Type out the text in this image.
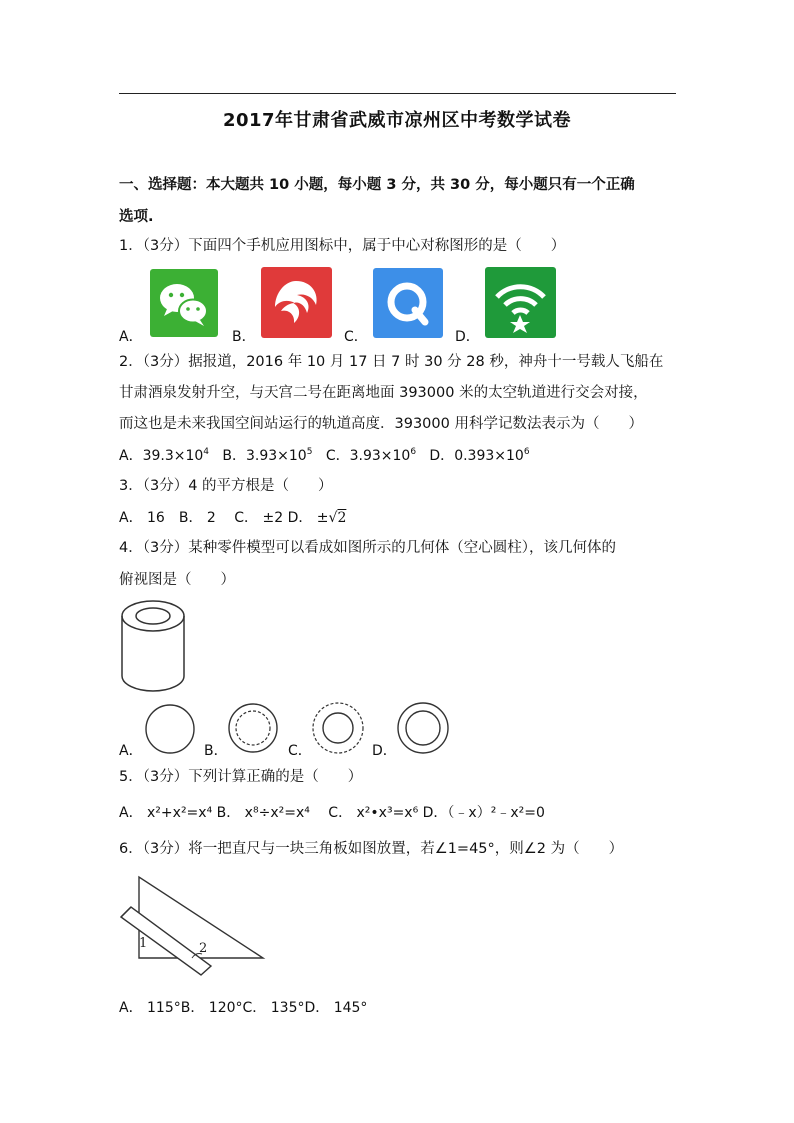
2017年甘肃省武威市凉州区中考数学试卷
一、选择题：本大题共 10 小题，每小题 3 分，共 30 分，每小题只有一个正确
选项.
1．（3分）下面四个手机应用图标中，属于中心对称图形的是（　　）
A．	B．	C．	D．
2．（3分）据报道，2016 年 10 月 17 日 7 时 30 分 28 秒，神舟十一号载人飞船在
甘肃酒泉发射升空，与天宫二号在距离地面 393000 米的太空轨道进行交会对接，
而这也是未来我国空间站运行的轨道高度．393000 用科学记数法表示为（　　）
A．$39.3\times 10^4$ B．$3.93\times 10^5$ C．$3.93\times 10^6$ D．$0.393\times 10^6$
3．（3分）4 的平方根是（　　）
A． 16　B． 2　 C． ±2 D． ±√2
4．（3分）某种零件模型可以看成如图所示的几何体（空心圆柱），该几何体的
俯视图是（　　）
A．	B．	C．	D．
5．（3分）下列计算正确的是（　　）
A． x²+x²=x⁴ B． x⁸÷x²=x⁴　 C． x²•x³=x⁶ D．（﹣x）²﹣x²=0
6．（3分）将一把直尺与一块三角板如图放置，若∠1=45°，则∠2 为（　　）
1	2
A． 115°B． 120°C． 135°D． 145°
